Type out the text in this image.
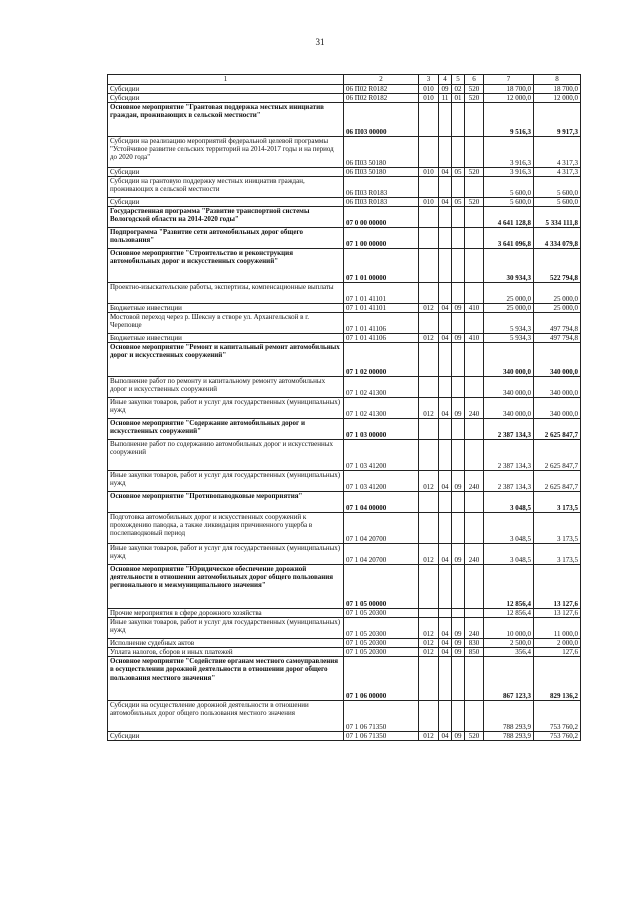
31
1	2	3	4	5	6	7	8
Субсидии	06 П02 R0182	010	09	02	520	18 700,0	18 700,0
Субсидии	06 П02 R0182	010	11	01	520	12 000,0	12 000,0
Основное мероприятие "Грантовая поддержка местных инициатив граждан, проживающих в сельской местности"	06 П03 00000					9 516,3	9 917,3
Субсидии на реализацию мероприятий федеральной целевой программы "Устойчивое развитие сельских территорий на 2014-2017 годы и на период до 2020 года"	06 П03 50180					3 916,3	4 317,3
Субсидии	06 П03 50180	010	04	05	520	3 916,3	4 317,3
Субсидии на грантовую поддержку местных инициатив граждан, проживающих в сельской местности	06 П03 R0183					5 600,0	5 600,0
Субсидии	06 П03 R0183	010	04	05	520	5 600,0	5 600,0
Государственная программа "Развитие транспортной системы Вологодской области на 2014-2020 годы"	07 0 00 00000					4 641 128,8	5 334 111,8
Подпрограмма "Развитие сети автомобильных дорог общего пользования"	07 1 00 00000					3 641 096,8	4 334 079,8
Основное мероприятие "Строительство и реконструкция автомобильных дорог и искусственных сооружений"	07 1 01 00000					30 934,3	522 794,8
Проектно-изыскательские работы, экспертизы, компенсационные выплаты	07 1 01 41101					25 000,0	25 000,0
Бюджетные инвестиции	07 1 01 41101	012	04	09	410	25 000,0	25 000,0
Мостовой переход через р. Шексну в створе ул. Архангельской в г. Череповце	07 1 01 41106					5 934,3	497 794,8
Бюджетные инвестиции	07 1 01 41106	012	04	09	410	5 934,3	497 794,8
Основное мероприятие "Ремонт и капитальный ремонт автомобильных дорог и искусственных сооружений"	07 1 02 00000					340 000,0	340 000,0
Выполнение работ по ремонту и капитальному ремонту автомобильных дорог и искусственных сооружений	07 1 02 41300					340 000,0	340 000,0
Иные закупки товаров, работ и услуг для государственных (муниципальных) нужд	07 1 02 41300	012	04	09	240	340 000,0	340 000,0
Основное мероприятие "Содержание автомобильных дорог и искусственных сооружений"	07 1 03 00000					2 387 134,3	2 625 847,7
Выполнение работ по содержанию автомобильных дорог и искусственных сооружений	07 1 03 41200					2 387 134,3	2 625 847,7
Иные закупки товаров, работ и услуг для государственных (муниципальных) нужд	07 1 03 41200	012	04	09	240	2 387 134,3	2 625 847,7
Основное мероприятие "Противопаводковые мероприятия"	07 1 04 00000					3 048,5	3 173,5
Подготовка автомобильных дорог и искусственных сооружений к прохождению паводка, а также ликвидация причиненного ущерба в послепаводковый период	07 1 04 20700					3 048,5	3 173,5
Иные закупки товаров, работ и услуг для государственных (муниципальных) нужд	07 1 04 20700	012	04	09	240	3 048,5	3 173,5
Основное мероприятие "Юридическое обеспечение дорожной деятельности в отношении автомобильных дорог общего пользования регионального и межмуниципального значения"	07 1 05 00000					12 856,4	13 127,6
Прочие мероприятия в сфере дорожного хозяйства	07 1 05 20300					12 856,4	13 127,6
Иные закупки товаров, работ и услуг для государственных (муниципальных) нужд	07 1 05 20300	012	04	09	240	10 000,0	11 000,0
Исполнение судебных актов	07 1 05 20300	012	04	09	830	2 500,0	2 000,0
Уплата налогов, сборов и иных платежей	07 1 05 20300	012	04	09	850	356,4	127,6
Основное мероприятие "Содействие органам местного самоуправления в осуществлении дорожной деятельности в отношении дорог общего пользования местного значения"	07 1 06 00000					867 123,3	829 136,2
Субсидии на осуществление дорожной деятельности в отношении автомобильных дорог общего пользования местного значения	07 1 06 71350					788 293,9	753 760,2
Субсидии	07 1 06 71350	012	04	09	520	788 293,9	753 760,2
